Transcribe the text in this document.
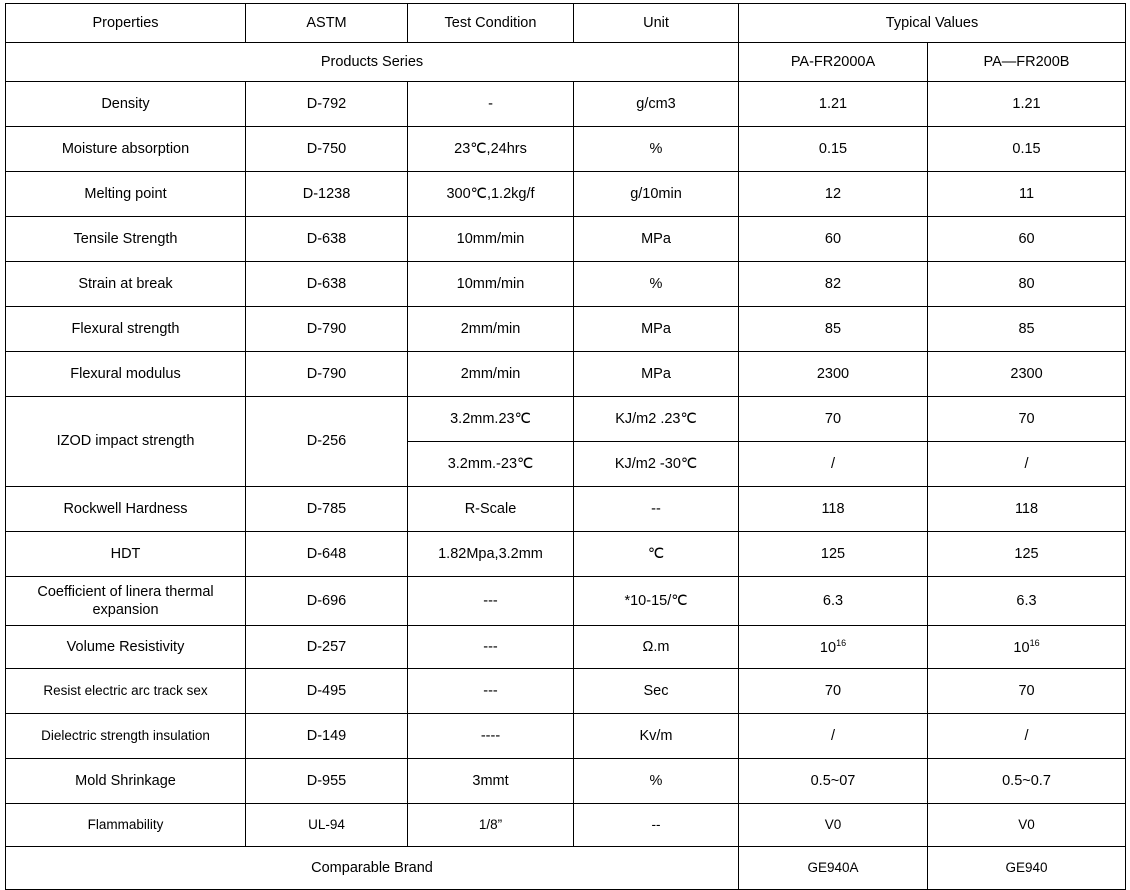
Properties	ASTM	Test Condition	Unit	Typical Values	
Products Series				PA-FR2000A	PA—FR200B
Density	D-792	-	g/cm3	1.21	1.21
Moisture absorption	D-750	23℃,24hrs	%	0.15	0.15
Melting point	D-1238	300℃,1.2kg/f	g/10min	12	11
Tensile Strength	D-638	10mm/min	MPa	60	60
Strain at break	D-638	10mm/min	%	82	80
Flexural strength	D-790	2mm/min	MPa	85	85
Flexural modulus	D-790	2mm/min	MPa	2300	2300
IZOD impact strength	D-256	3.2mm.23℃	KJ/m2 .23℃	70	70
		3.2mm.-23℃	KJ/m2 -30℃	/	/
Rockwell Hardness	D-785	R-Scale	--	118	118
HDT	D-648	1.82Mpa,3.2mm	℃	125	125
Coefficient of linera thermal expansion	D-696	---	*10-15/℃	6.3	6.3
Volume Resistivity	D-257	---	Ω.m	$10^{16}$	$10^{16}$
Resist electric arc track sex	D-495	---	Sec	70	70
Dielectric strength insulation	D-149	----	Kv/m	/	/
Mold Shrinkage	D-955	3mmt	%	0.5~07	0.5~0.7
Flammability	UL-94	1/8”	--	V0	V0
Comparable Brand				GE940A	GE940
